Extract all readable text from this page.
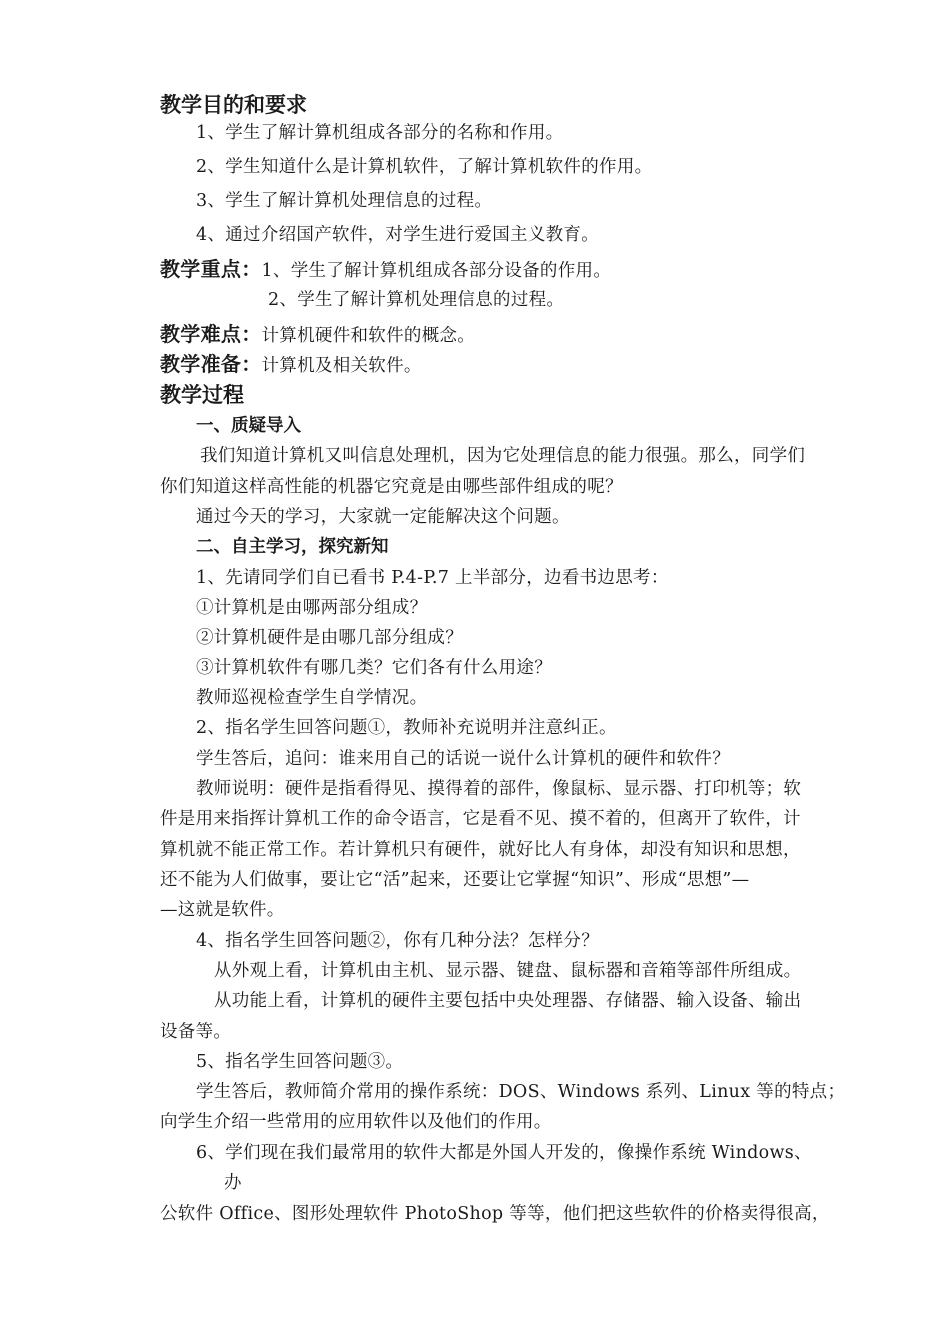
教学目的和要求
1、学生了解计算机组成各部分的名称和作用。
2、学生知道什么是计算机软件，了解计算机软件的作用。
3、学生了解计算机处理信息的过程。
4、通过介绍国产软件，对学生进行爱国主义教育。
教学重点：1、学生了解计算机组成各部分设备的作用。
2、学生了解计算机处理信息的过程。
教学难点：计算机硬件和软件的概念。
教学准备：计算机及相关软件。
教学过程
一、质疑导入
我们知道计算机又叫信息处理机，因为它处理信息的能力很强。那么，同学们
你们知道这样高性能的机器它究竟是由哪些部件组成的呢？
通过今天的学习，大家就一定能解决这个问题。
二、自主学习，探究新知
1、先请同学们自已看书 P.4-P.7 上半部分，边看书边思考：
①计算机是由哪两部分组成？
②计算机硬件是由哪几部分组成？
③计算机软件有哪几类？它们各有什么用途？
教师巡视检查学生自学情况。
2、指名学生回答问题①，教师补充说明并注意纠正。
学生答后，追问：谁来用自己的话说一说什么计算机的硬件和软件？
教师说明：硬件是指看得见、摸得着的部件，像鼠标、显示器、打印机等；软
件是用来指挥计算机工作的命令语言，它是看不见、摸不着的，但离开了软件，计
算机就不能正常工作。若计算机只有硬件，就好比人有身体，却没有知识和思想，
还不能为人们做事，要让它“活”起来，还要让它掌握“知识”、形成“思想”—
—这就是软件。
4、指名学生回答问题②，你有几种分法？怎样分？
从外观上看，计算机由主机、显示器、键盘、鼠标器和音箱等部件所组成。
从功能上看，计算机的硬件主要包括中央处理器、存储器、输入设备、输出
设备等。
5、指名学生回答问题③。
学生答后，教师简介常用的操作系统：DOS、Windows 系列、Linux 等的特点；
向学生介绍一些常用的应用软件以及他们的作用。
6、学们现在我们最常用的软件大都是外国人开发的，像操作系统 Windows、
办
公软件 Office、图形处理软件 PhotoShop 等等，他们把这些软件的价格卖得很高，
